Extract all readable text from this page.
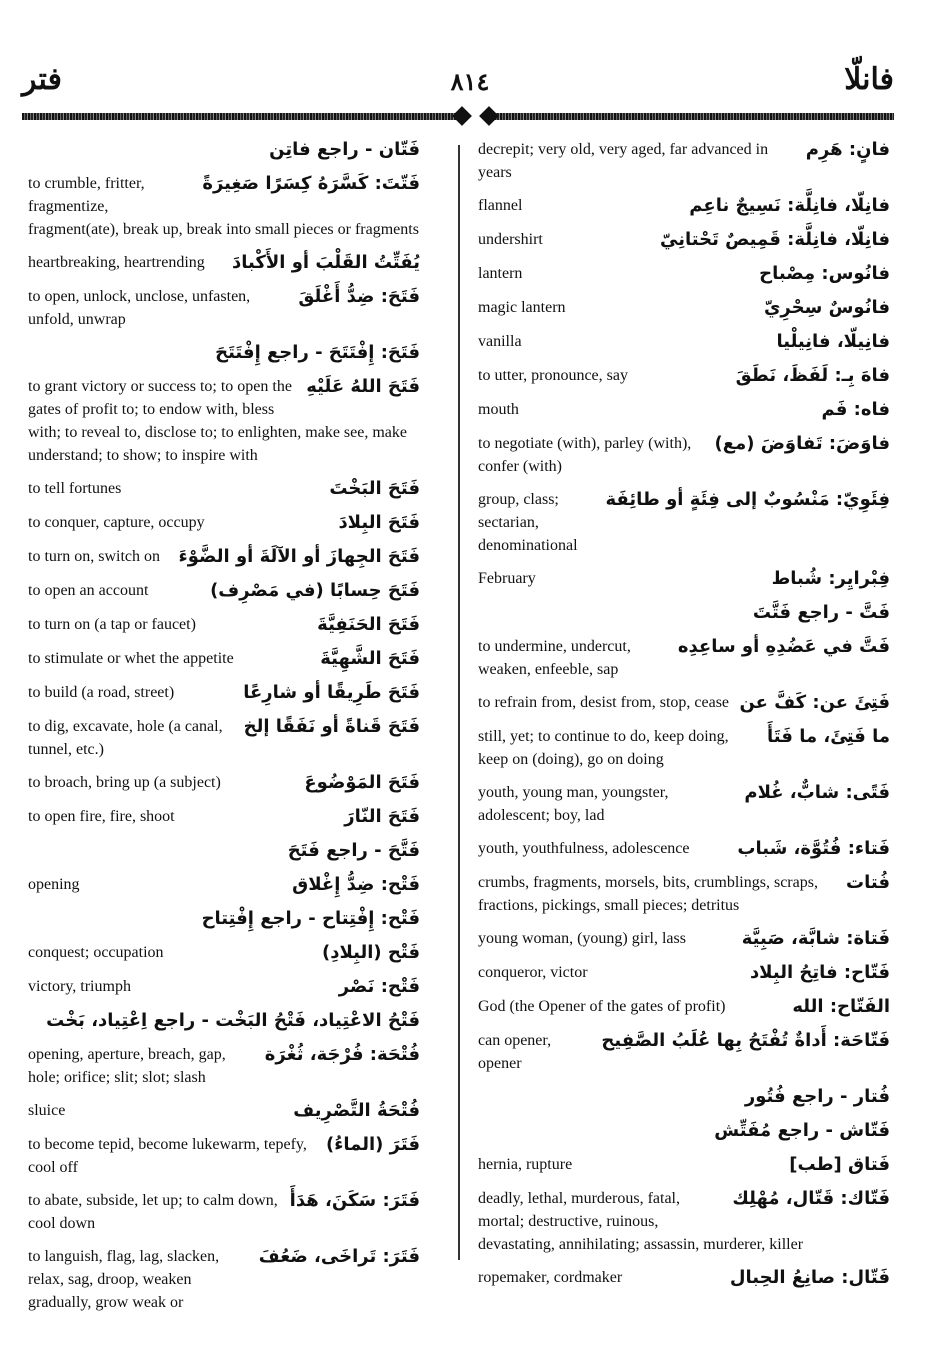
فتر	٨١٤	فانلّا
فَتّان - راجع فاتِن
فَتّتَ: كَسَّرَهُ كِسَرًا صَغِيرَةً
to crumble, fritter, fragmentize, fragment(ate), break up, break into small pieces or fragments
يُفَتِّتُ القَلْبَ أو الأَكْبادَ
heartbreaking, heartrending
فَتَحَ: ضِدُّ أَغْلَقَ
to open, unlock, unclose, unfasten, unfold, unwrap
فَتَحَ: إِفْتَتَحَ - راجع إِفْتَتَحَ
فَتَحَ اللهُ عَلَيْهِ
to grant victory or success to; to open the gates of profit to; to endow with, bless with; to reveal to, disclose to; to enlighten, make see, make understand; to show; to inspire with
فَتَحَ البَخْتَ
to tell fortunes
فَتَحَ البِلادَ
to conquer, capture, occupy
فَتَحَ الجِهازَ أو الآلَةَ أو الضَّوْءَ
to turn on, switch on
فَتَحَ حِسابًا (في مَصْرِف)
to open an account
فَتَحَ الحَنَفِيَّةَ
to turn on (a tap or faucet)
فَتَحَ الشَّهِيَّةَ
to stimulate or whet the appetite
فَتَحَ طَرِيقًا أو شارِعًا
to build (a road, street)
فَتَحَ قَناةً أو نَفَقًا إلخ
to dig, excavate, hole (a canal, tunnel, etc.)
فَتَحَ المَوْضُوعَ
to broach, bring up (a subject)
فَتَحَ النّارَ
to open fire, fire, shoot
فَتَّحَ - راجع فَتَحَ
فَتْح: ضِدُّ إِغْلاق
opening
فَتْح: إِفْتِتاح - راجع إِفْتِتاح
فَتْح (البِلادِ)
conquest; occupation
فَتْح: نَصْر
victory, triumph
فَتْحُ الاعْتِياد، فَتْحُ البَخْت - راجع اِعْتِياد، بَخْت
فُتْحَة: فُرْجَة، ثُغْرَة
opening, aperture, breach, gap, hole; orifice; slit; slot; slash
فُتْحَةُ التَّصْرِيف
sluice
فَتَرَ (الماءُ)
to become tepid, become lukewarm, tepefy, cool off
فَتَرَ: سَكَنَ، هَدَأَ
to abate, subside, let up; to calm down, cool down
فَتَرَ: تَراخَى، ضَعُفَ
to languish, flag, lag, slacken, relax, sag, droop, weaken gradually, grow weak or
فانٍ: هَرِم
decrepit; very old, very aged, far advanced in years
فانِلّا، فانِلَّة: نَسِيجٌ ناعِم
flannel
فانِلّا، فانِلَّة: قَمِيصٌ تَحْتانِيّ
undershirt
فانُوس: مِصْباح
lantern
فانُوسٌ سِحْرِيّ
magic lantern
فانِيلّا، فانِيلْيا
vanilla
فاهَ بِـ: لَفَظَ، نَطَقَ
to utter, pronounce, say
فاه: فَم
mouth
فاوَضَ: تَفاوَضَ (مع)
to negotiate (with), parley (with), confer (with)
فِئَوِيّ: مَنْسُوبٌ إلى فِئَةٍ أو طائِفَة
group, class; sectarian, denominational
فِبْرايِر: شُباط
February
فَتَّ - راجع فَتَّتَ
فَتَّ في عَضُدِهِ أو ساعِدِه
to undermine, undercut, weaken, enfeeble, sap
فَتِئَ عن: كَفَّ عن
to refrain from, desist from, stop, cease
ما فَتِئَ، ما فَتَأَ
still, yet; to continue to do, keep doing, keep on (doing), go on doing
فَتًى: شابٌّ، غُلام
youth, young man, youngster, adolescent; boy, lad
فَتاء: فُتُوَّة، شَباب
youth, youthfulness, adolescence
فُتات
crumbs, fragments, morsels, bits, crumblings, scraps, fractions, pickings, small pieces; detritus
فَتاة: شابَّة، صَبِيَّة
young woman, (young) girl, lass
فَتّاح: فاتِحُ البِلاد
conqueror, victor
الفَتّاح: الله
God (the Opener of the gates of profit)
فَتّاحَة: أَداةٌ تُفْتَحُ بِها عُلَبُ الصَّفِيح
can opener, opener
فُتار - راجع فُتُور
فَتّاش - راجع مُفَتِّش
فَتاق [طب]
hernia, rupture
فَتّاك: قَتّال، مُهْلِك
deadly, lethal, murderous, fatal, mortal; destructive, ruinous, devastating, annihilating; assassin, murderer, killer
فَتّال: صانِعُ الحِبال
ropemaker, cordmaker
